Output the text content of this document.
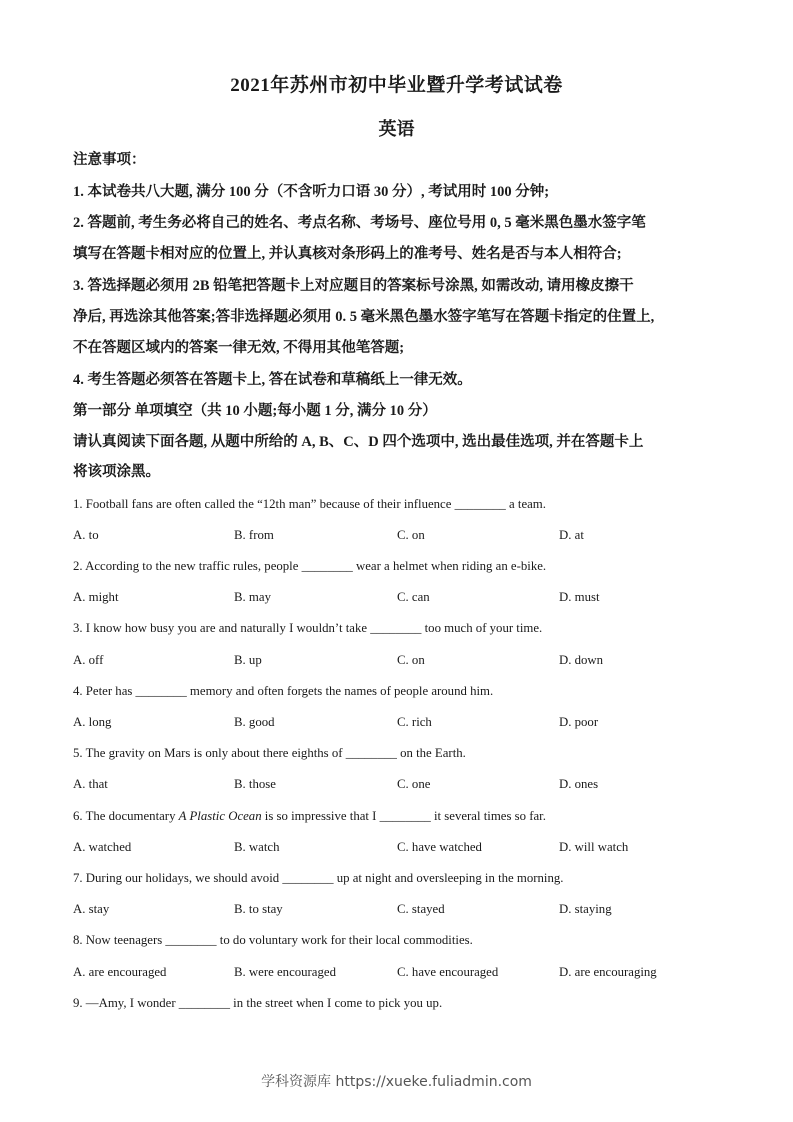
2021年苏州市初中毕业暨升学考试试卷
英语
注意事项：
1. 本试卷共八大题, 满分 100 分（不含听力口语 30 分）, 考试用时 100 分钟;
2. 答题前, 考生务必将自己的姓名、考点名称、考场号、座位号用 0, 5 毫米黑色墨水签字笔
填写在答题卡相对应的位置上, 并认真核对条形码上的准考号、姓名是否与本人相符合;
3. 答选择题必须用 2B 铅笔把答题卡上对应题目的答案标号涂黑, 如需改动, 请用橡皮擦干
净后, 再选涂其他答案;答非选择题必须用 0. 5 毫米黑色墨水签字笔写在答题卡指定的住置上,
不在答题区域内的答案一律无效, 不得用其他笔答题;
4. 考生答题必须答在答题卡上, 答在试卷和草稿纸上一律无效。
第一部分 单项填空（共 10 小题;每小题 1 分, 满分 10 分）
请认真阅读下面各题, 从题中所给的 A, B、C、D 四个选项中, 选出最佳选项, 并在答题卡上
将该项涂黑。
1. Football fans are often called the “12th man” because of their influence ________ a team.
A. to	B. from	C. on	D. at
2. According to the new traffic rules, people ________ wear a helmet when riding an e-bike.
A. might	B. may	C. can	D. must
3. I know how busy you are and naturally I wouldn’t take ________ too much of your time.
A. off	B. up	C. on	D. down
4. Peter has ________ memory and often forgets the names of people around him.
A. long	B. good	C. rich	D. poor
5. The gravity on Mars is only about there eighths of ________ on the Earth.
A. that	B. those	C. one	D. ones
6. The documentary A Plastic Ocean is so impressive that I ________ it several times so far.
A. watched	B. watch	C. have watched	D. will watch
7. During our holidays, we should avoid ________ up at night and oversleeping in the morning.
A. stay	B. to stay	C. stayed	D. staying
8. Now teenagers ________ to do voluntary work for their local commodities.
A. are encouraged	B. were encouraged	C. have encouraged	D. are encouraging
9. —Amy, I wonder ________ in the street when I come to pick you up.
学科资源库 https://xueke.fuliadmin.com
